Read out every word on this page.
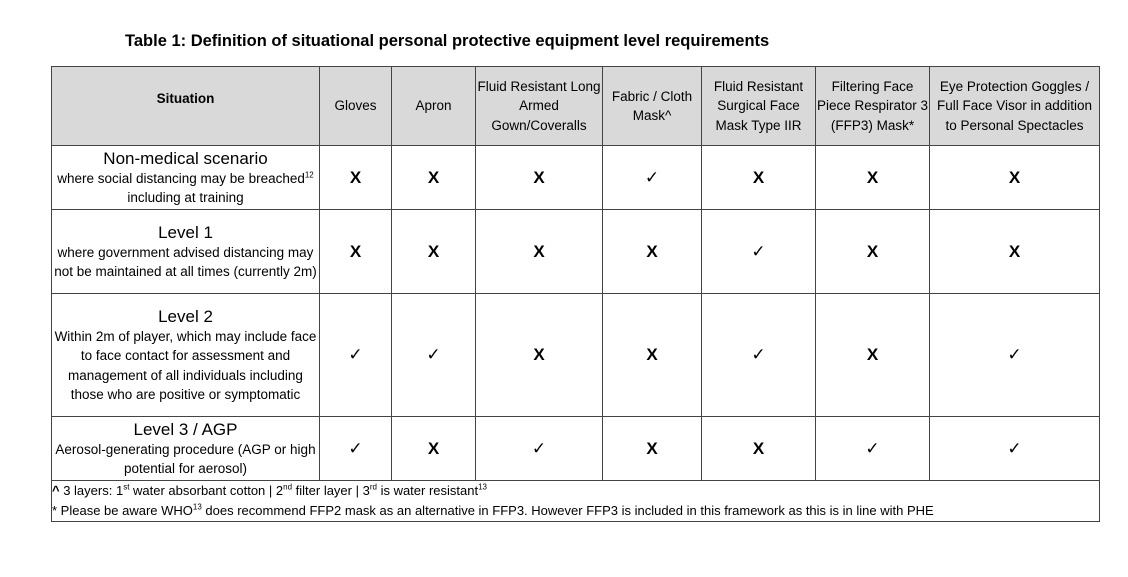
Table 1: Definition of situational personal protective equipment level requirements
Situation	Gloves	Apron	Fluid Resistant Long Armed Gown/Coveralls	Fabric / Cloth Mask^	Fluid Resistant Surgical Face Mask Type IIR	Filtering Face Piece Respirator 3 (FFP3) Mask*	Eye Protection Goggles / Full Face Visor in addition to Personal Spectacles

Non-medical scenario
where social distancing may be breached$^{12}$ including at training	X	X	X	✓	X	X	X

Level 1
where government advised distancing may not be maintained at all times (currently 2m)	X	X	X	X	✓	X	X

Level 2
Within 2m of player, which may include face to face contact for assessment and management of all individuals including those who are positive or symptomatic	✓	✓	X	X	✓	X	✓

Level 3 / AGP
Aerosol-generating procedure (AGP or high potential for aerosol)	✓	X	✓	X	X	✓	✓

^ 3 layers: 1st water absorbant cotton | 2nd filter layer | 3rd is water resistant$^{13}$
* Please be aware WHO$^{13}$ does recommend FFP2 mask as an alternative in FFP3. However FFP3 is included in this framework as this is in line with PHE							
